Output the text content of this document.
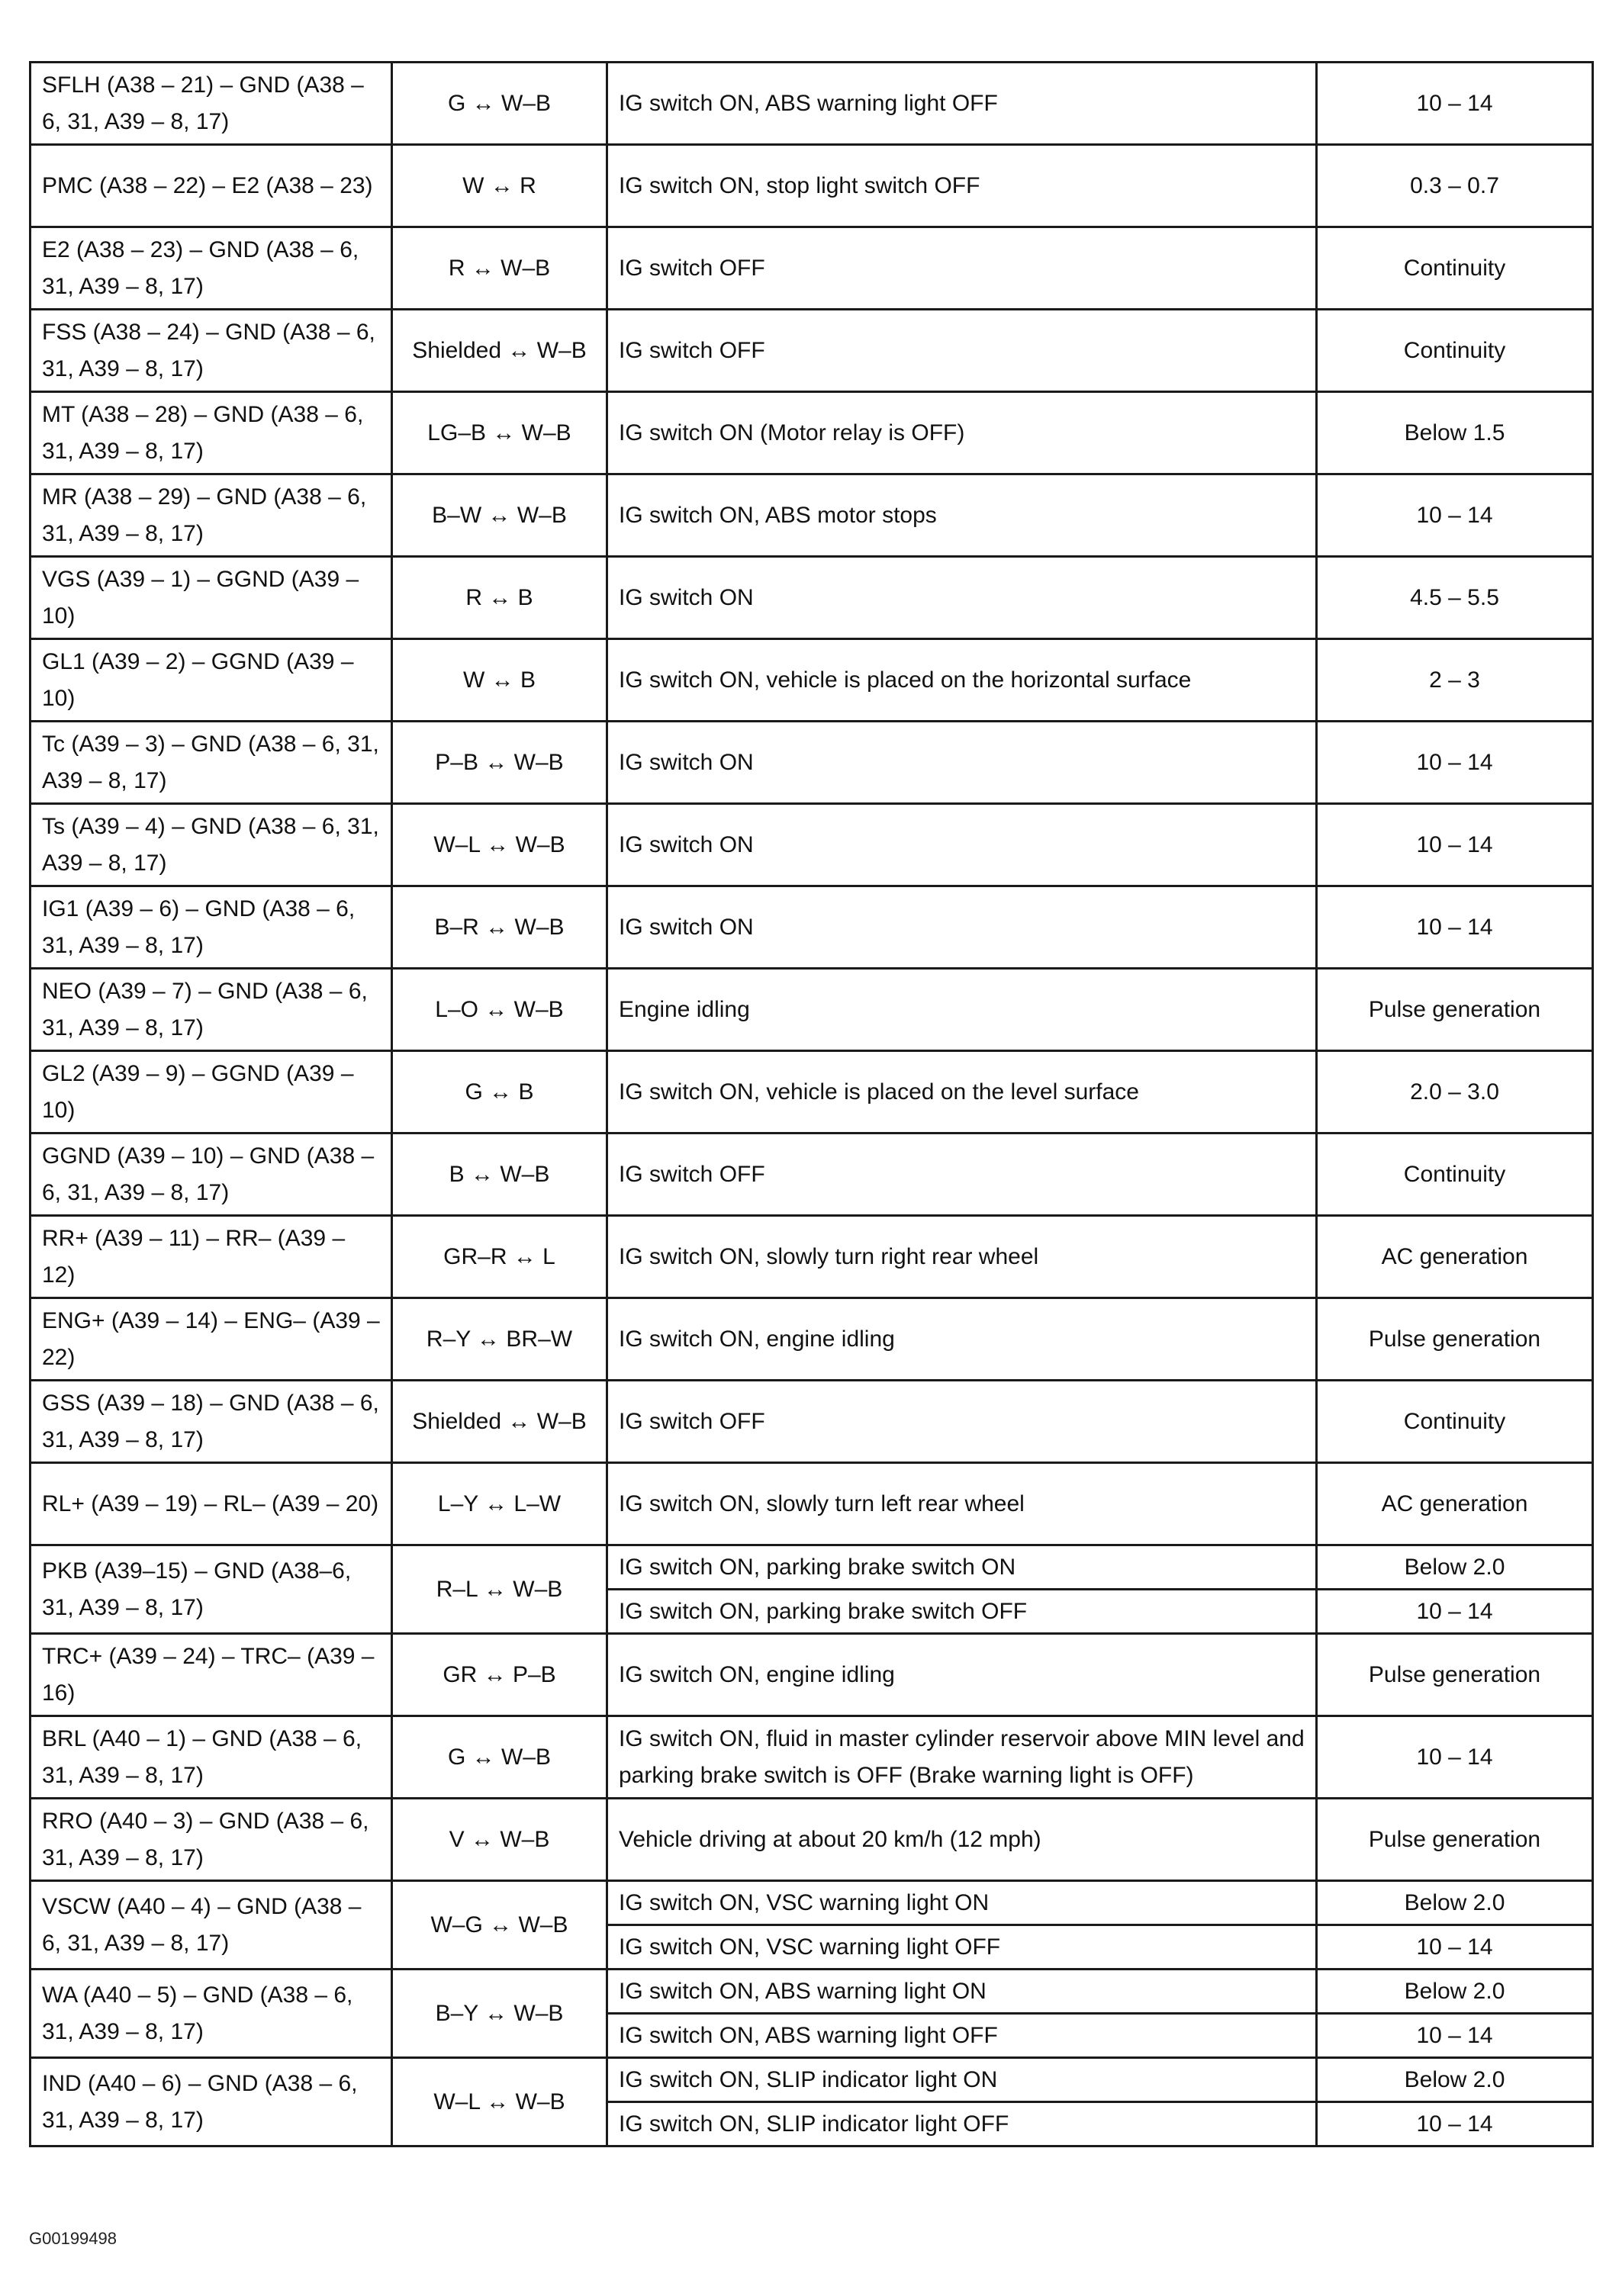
SFLH (A38 – 21) – GND (A38 – 6, 31, A39 – 8, 17)	G ↔ W–B	IG switch ON, ABS warning light OFF	10 – 14
PMC (A38 – 22) – E2 (A38 – 23)	W ↔ R	IG switch ON, stop light switch OFF	0.3 – 0.7
E2 (A38 – 23) – GND (A38 – 6, 31, A39 – 8, 17)	R ↔ W–B	IG switch OFF	Continuity
FSS (A38 – 24) – GND (A38 – 6, 31, A39 – 8, 17)	Shielded ↔ W–B	IG switch OFF	Continuity
MT (A38 – 28) – GND (A38 – 6, 31, A39 – 8, 17)	LG–B ↔ W–B	IG switch ON (Motor relay is OFF)	Below 1.5
MR (A38 – 29) – GND (A38 – 6, 31, A39 – 8, 17)	B–W ↔ W–B	IG switch ON, ABS motor stops	10 – 14
VGS (A39 – 1) – GGND (A39 – 10)	R ↔ B	IG switch ON	4.5 – 5.5
GL1 (A39 – 2) – GGND (A39 – 10)	W ↔ B	IG switch ON, vehicle is placed on the horizontal surface	2 – 3
Tc (A39 – 3) – GND (A38 – 6, 31, A39 – 8, 17)	P–B ↔ W–B	IG switch ON	10 – 14
Ts (A39 – 4) – GND (A38 – 6, 31, A39 – 8, 17)	W–L ↔ W–B	IG switch ON	10 – 14
IG1 (A39 – 6) – GND (A38 – 6, 31, A39 – 8, 17)	B–R ↔ W–B	IG switch ON	10 – 14
NEO (A39 – 7) – GND (A38 – 6, 31, A39 – 8, 17)	L–O ↔ W–B	Engine idling	Pulse generation
GL2 (A39 – 9) – GGND (A39 – 10)	G ↔ B	IG switch ON, vehicle is placed on the level surface	2.0 – 3.0
GGND (A39 – 10) – GND (A38 – 6, 31, A39 – 8, 17)	B ↔ W–B	IG switch OFF	Continuity
RR+ (A39 – 11) – RR– (A39 – 12)	GR–R ↔ L	IG switch ON, slowly turn right rear wheel	AC generation
ENG+ (A39 – 14) – ENG– (A39 – 22)	R–Y ↔ BR–W	IG switch ON, engine idling	Pulse generation
GSS (A39 – 18) – GND (A38 – 6, 31, A39 – 8, 17)	Shielded ↔ W–B	IG switch OFF	Continuity
RL+ (A39 – 19) – RL– (A39 – 20)	L–Y ↔ L–W	IG switch ON, slowly turn left rear wheel	AC generation
PKB (A39–15) – GND (A38–6, 31, A39 – 8, 17)	R–L ↔ W–B	IG switch ON, parking brake switch ON	Below 2.0
		IG switch ON, parking brake switch OFF	10 – 14
TRC+ (A39 – 24) – TRC– (A39 – 16)	GR ↔ P–B	IG switch ON, engine idling	Pulse generation
BRL (A40 – 1) – GND (A38 – 6, 31, A39 – 8, 17)	G ↔ W–B	IG switch ON, fluid in master cylinder reservoir above MIN level and parking brake switch is OFF (Brake warning light is OFF)	10 – 14
RRO (A40 – 3) – GND (A38 – 6, 31, A39 – 8, 17)	V ↔ W–B	Vehicle driving at about 20 km/h (12 mph)	Pulse generation
VSCW (A40 – 4) – GND (A38 – 6, 31, A39 – 8, 17)	W–G ↔ W–B	IG switch ON, VSC warning light ON	Below 2.0
		IG switch ON, VSC warning light OFF	10 – 14
WA (A40 – 5) – GND (A38 – 6, 31, A39 – 8, 17)	B–Y ↔ W–B	IG switch ON, ABS warning light ON	Below 2.0
		IG switch ON, ABS warning light OFF	10 – 14
IND (A40 – 6) – GND (A38 – 6, 31, A39 – 8, 17)	W–L ↔ W–B	IG switch ON, SLIP indicator light ON	Below 2.0
		IG switch ON, SLIP indicator light OFF	10 – 14
G00199498
